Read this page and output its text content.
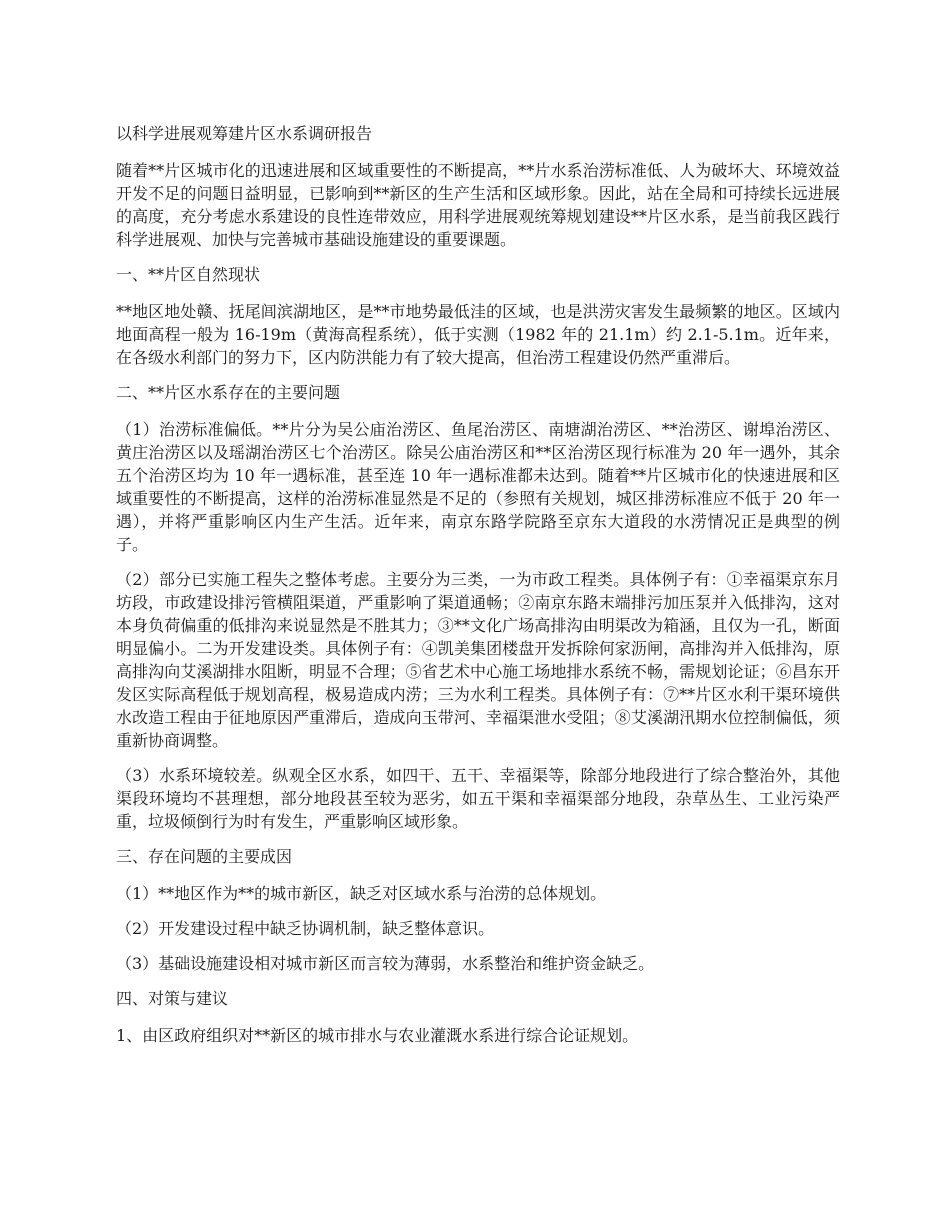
以科学进展观筹建片区水系调研报告

随着**片区城市化的迅速进展和区域重要性的不断提高，**片水系治涝标准低、人为破坏大、环境效益开发不足的问题日益明显，已影响到**新区的生产生活和区域形象。因此，站在全局和可持续长远进展的高度，充分考虑水系建设的良性连带效应，用科学进展观统筹规划建设**片区水系，是当前我区践行科学进展观、加快与完善城市基础设施建设的重要课题。

一、**片区自然现状

**地区地处赣、抚尾闾滨湖地区，是**市地势最低洼的区域，也是洪涝灾害发生最频繁的地区。区域内地面高程一般为 16-19m（黄海高程系统），低于实测（1982 年的 21.1m）约 2.1-5.1m。近年来，在各级水利部门的努力下，区内防洪能力有了较大提高，但治涝工程建设仍然严重滞后。

二、**片区水系存在的主要问题

（1）治涝标准偏低。**片分为吴公庙治涝区、鱼尾治涝区、南塘湖治涝区、**治涝区、谢埠治涝区、黄庄治涝区以及瑶湖治涝区七个治涝区。除吴公庙治涝区和**区治涝区现行标准为 20 年一遇外，其余五个治涝区均为 10 年一遇标准，甚至连 10 年一遇标准都未达到。随着**片区城市化的快速进展和区域重要性的不断提高，这样的治涝标准显然是不足的（参照有关规划，城区排涝标准应不低于 20 年一遇），并将严重影响区内生产生活。近年来，南京东路学院路至京东大道段的水涝情况正是典型的例子。

（2）部分已实施工程失之整体考虑。主要分为三类，一为市政工程类。具体例子有：①幸福渠京东月坊段，市政建设排污管横阻渠道，严重影响了渠道通畅；②南京东路末端排污加压泵并入低排沟，这对本身负荷偏重的低排沟来说显然是不胜其力；③**文化广场高排沟由明渠改为箱涵，且仅为一孔，断面明显偏小。二为开发建设类。具体例子有：④凯美集团楼盘开发拆除何家沥闸，高排沟并入低排沟，原高排沟向艾溪湖排水阻断，明显不合理；⑤省艺术中心施工场地排水系统不畅，需规划论证；⑥昌东开发区实际高程低于规划高程，极易造成内涝；三为水利工程类。具体例子有：⑦**片区水利干渠环境供水改造工程由于征地原因严重滞后，造成向玉带河、幸福渠泄水受阻；⑧艾溪湖汛期水位控制偏低，须重新协商调整。

（3）水系环境较差。纵观全区水系，如四干、五干、幸福渠等，除部分地段进行了综合整治外，其他渠段环境均不甚理想，部分地段甚至较为恶劣，如五干渠和幸福渠部分地段，杂草丛生、工业污染严重，垃圾倾倒行为时有发生，严重影响区域形象。

三、存在问题的主要成因

（1）**地区作为**的城市新区，缺乏对区域水系与治涝的总体规划。

（2）开发建设过程中缺乏协调机制，缺乏整体意识。

（3）基础设施建设相对城市新区而言较为薄弱，水系整治和维护资金缺乏。

四、对策与建议

1、由区政府组织对**新区的城市排水与农业灌溉水系进行综合论证规划。
